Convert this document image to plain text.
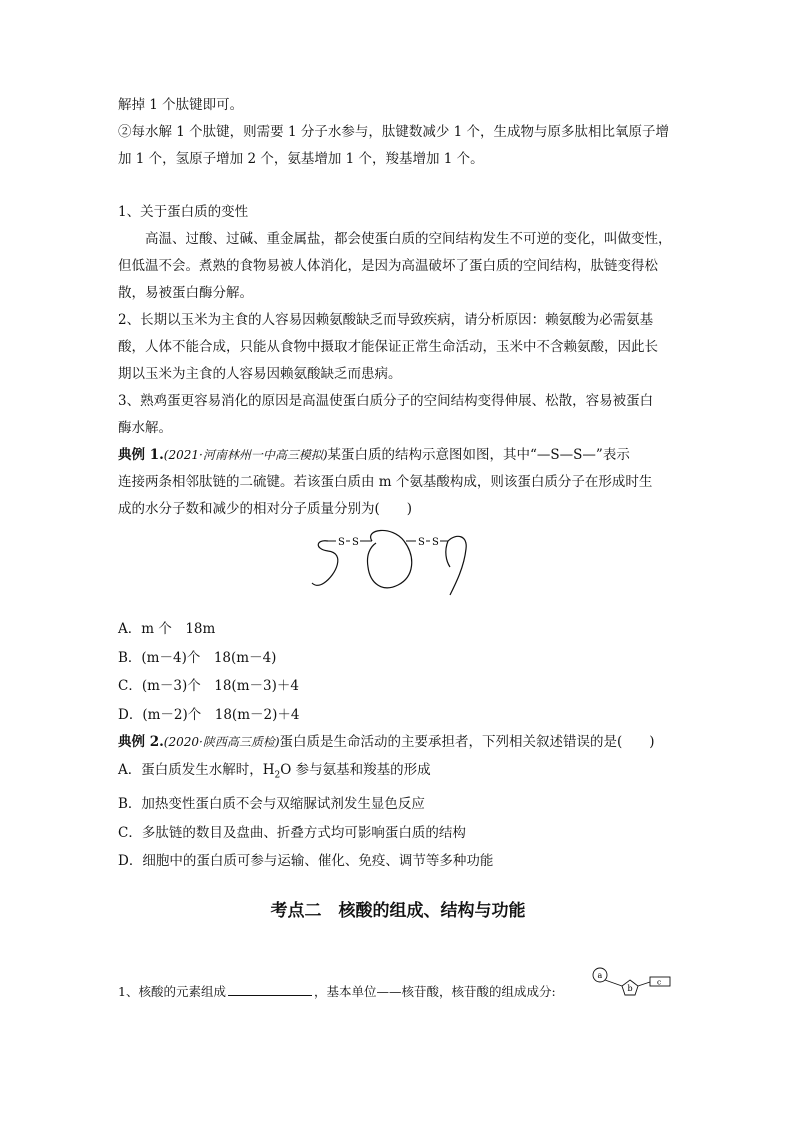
解掉 1 个肽键即可。

②每水解 1 个肽键，则需要 1 分子水参与，肽键数减少 1 个，生成物与原多肽相比氧原子增

加 1 个，氢原子增加 2 个，氨基增加 1 个，羧基增加 1 个。

1、关于蛋白质的变性

高温、过酸、过碱、重金属盐，都会使蛋白质的空间结构发生不可逆的变化，叫做变性，

但低温不会。煮熟的食物易被人体消化，是因为高温破坏了蛋白质的空间结构，肽链变得松

散，易被蛋白酶分解。

2、长期以玉米为主食的人容易因赖氨酸缺乏而导致疾病，请分析原因：赖氨酸为必需氨基

酸，人体不能合成，只能从食物中摄取才能保证正常生命活动，玉米中不含赖氨酸，因此长

期以玉米为主食的人容易因赖氨酸缺乏而患病。

3、熟鸡蛋更容易消化的原因是高温使蛋白质分子的空间结构变得伸展、松散，容易被蛋白

酶水解。

典例 1.(2021·河南林州一中高三模拟)某蛋白质的结构示意图如图，其中“—S—S—”表示

连接两条相邻肽链的二硫键。若该蛋白质由 m 个氨基酸构成，则该蛋白质分子在形成时生

成的水分子数和减少的相对分子质量分别为(　　)

S S	S S

A．m 个　18m

B．(m－4)个　18(m－4)

C．(m－3)个　18(m－3)＋4

D．(m－2)个　18(m－2)＋4

典例 2.(2020·陕西高三质检)蛋白质是生命活动的主要承担者，下列相关叙述错误的是(　　)

A．蛋白质发生水解时，$H_2O$ 参与氨基和羧基的形成

B．加热变性蛋白质不会与双缩脲试剂发生显色反应

C．多肽链的数目及盘曲、折叠方式均可影响蛋白质的结构

D．细胞中的蛋白质可参与运输、催化、免疫、调节等多种功能

考点二　核酸的组成、结构与功能
1、核酸的元素组成	，基本单位——核苷酸，核苷酸的组成成分:
a
b
c
